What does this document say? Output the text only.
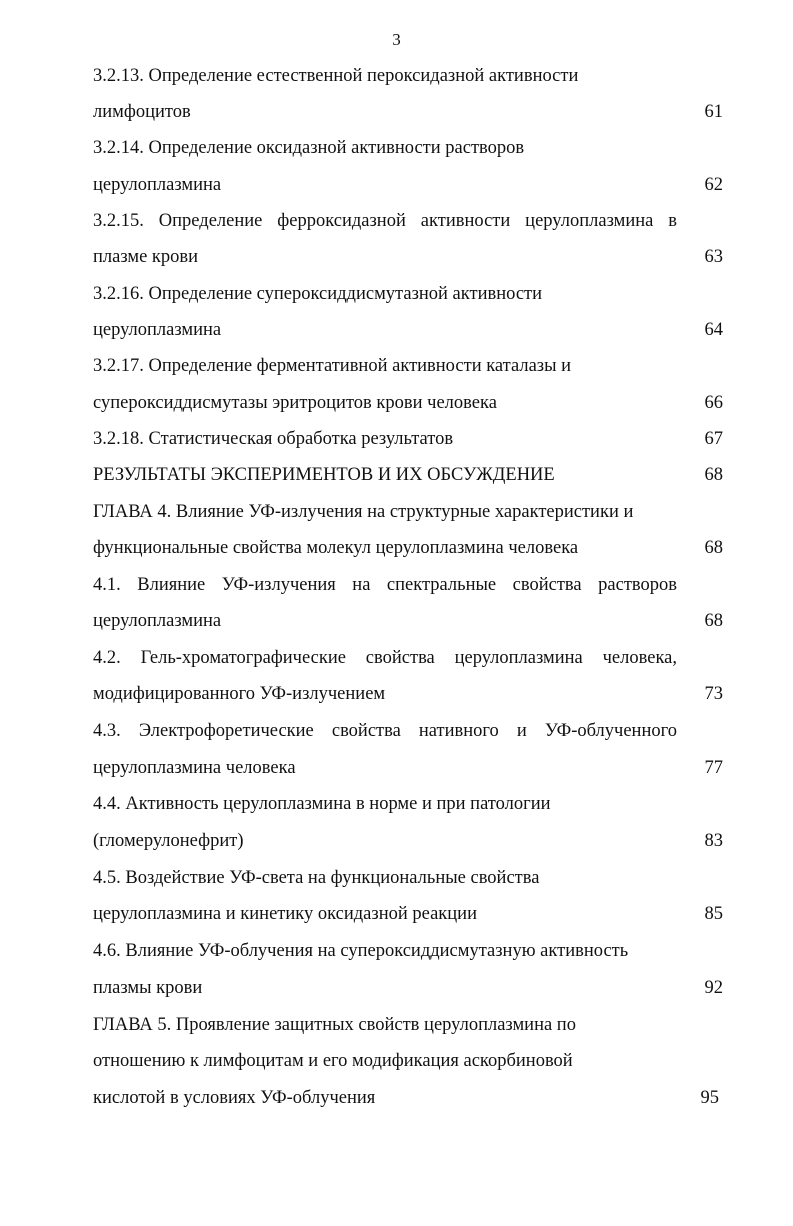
3
3.2.13. Определение естественной пероксидазной активности
лимфоцитов	61
3.2.14. Определение оксидазной активности растворов
церулоплазмина	62
3.2.15. Определение ферроксидазной активности церулоплазмина в
плазме крови	63
3.2.16. Определение супероксиддисмутазной активности
церулоплазмина	64
3.2.17. Определение ферментативной активности каталазы и
супероксиддисмутазы эритроцитов крови человека	66
3.2.18. Статистическая обработка результатов	67
РЕЗУЛЬТАТЫ ЭКСПЕРИМЕНТОВ И ИХ ОБСУЖДЕНИЕ	68
ГЛАВА 4. Влияние УФ-излучения на структурные характеристики и
функциональные свойства молекул церулоплазмина человека	68
4.1. Влияние УФ-излучения на спектральные свойства растворов
церулоплазмина	68
4.2. Гель-хроматографические свойства церулоплазмина человека,
модифицированного УФ-излучением	73
4.3. Электрофоретические свойства нативного и УФ-облученного
церулоплазмина человека	77
4.4. Активность церулоплазмина в норме и при патологии
(гломерулонефрит)	83
4.5. Воздействие УФ-света на функциональные свойства
церулоплазмина и кинетику оксидазной реакции	85
4.6. Влияние УФ-облучения на супероксиддисмутазную активность
плазмы крови	92
ГЛАВА 5. Проявление защитных свойств церулоплазмина по
отношению к лимфоцитам и его модификация аскорбиновой
кислотой в условиях УФ-облучения	95
